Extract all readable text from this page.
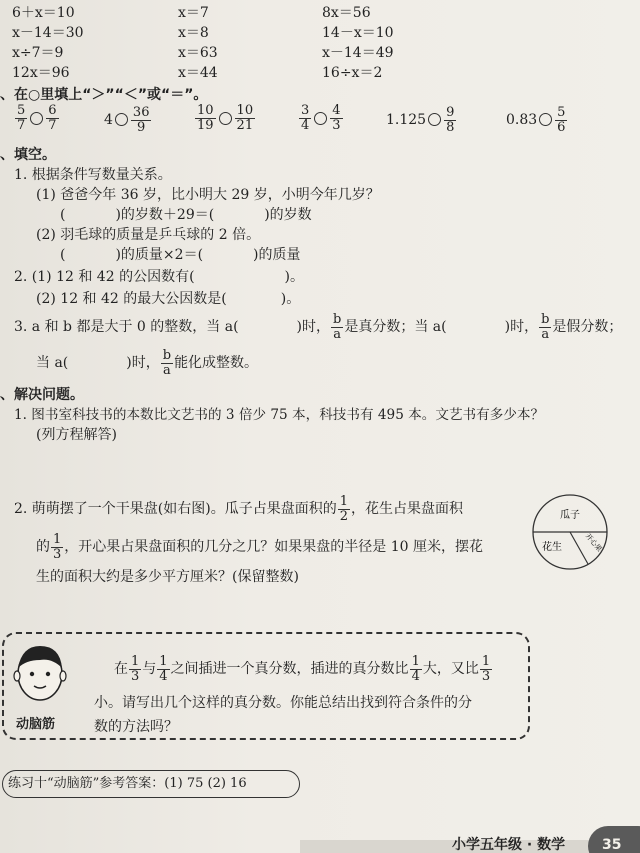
6＋x＝10	x＝7	8x＝56
x－14＝30	x＝8	14－x＝10
x÷7＝9	x＝63	x－14＝49
12x＝96	x＝44	16÷x＝2
、在○里填上“＞”“＜”或“＝”。
$\frac{5}{7} \frac{6}{7}$	$4 \frac{36}{9}$	$\frac{10}{19} \frac{10}{21}$	$\frac{3}{4} \frac{4}{3}$	$1.125 \frac{9}{8}$	$0.83 \frac{5}{6}$
、填空。
1. 根据条件写数量关系。
(1) 爸爸今年 36 岁，比小明大 29 岁，小明今年几岁？
(	)的岁数＋29＝(	)的岁数
(2) 羽毛球的质量是乒乓球的 2 倍。
(	)的质量×2＝(	)的质量
2. (1) 12 和 42 的公因数有(	)。
(2) 12 和 42 的最大公因数是(	)。
3. a 和 b 都是大于 0 的整数，当 a(	)时， $\frac{b}{a}$ 是真分数；当 a(	)时， $\frac{b}{a}$ 是假分数；
当 a(	)时， $\frac{b}{a}$ 能化成整数。
、解决问题。
1. 图书室科技书的本数比文艺书的 3 倍少 75 本，科技书有 495 本。文艺书有多少本？
(列方程解答)
2. 萌萌摆了一个干果盘(如右图)。瓜子占果盘面积的 $\frac{1}{2}$ ，花生占果盘面积
的 $\frac{1}{3}$ ，开心果占果盘面积的几分之几？如果果盘的半径是 10 厘米，摆花
生的面积大约是多少平方厘米？(保留整数)
瓜子
花生	开心果
动脑筋
在 $\frac{1}{3}$ 与 $\frac{1}{4}$ 之间插进一个真分数，插进的真分数比 $\frac{1}{4}$ 大，又比 $\frac{1}{3}$
小。请写出几个这样的真分数。你能总结出找到符合条件的分
数的方法吗？
练习十“动脑筋”参考答案：(1) 75 (2) 16
小学五年级 · 数学	35
